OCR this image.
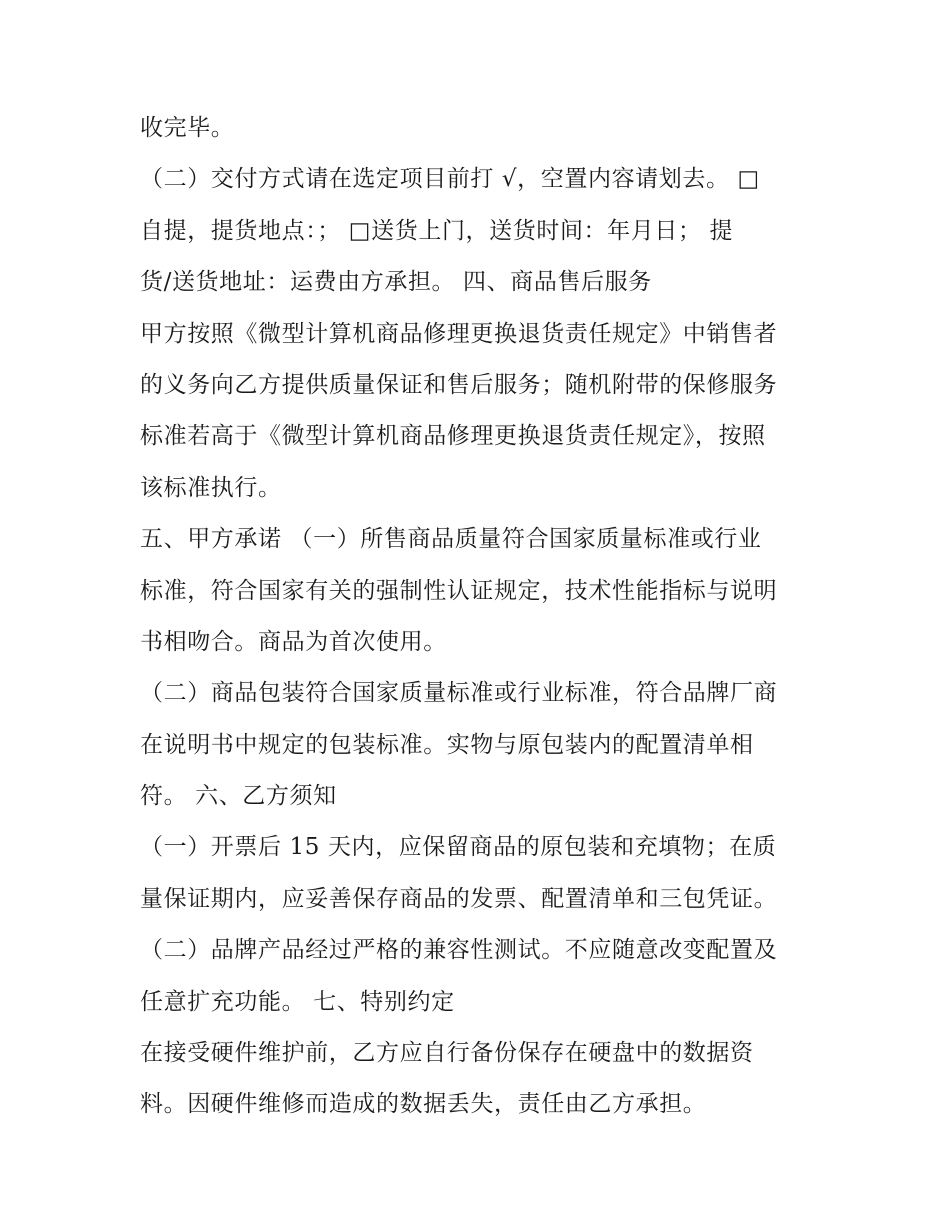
收完毕。
（二）交付方式请在选定项目前打 √，空置内容请划去。 □
自提，提货地点：； □送货上门，送货时间：年月日； 提
货/送货地址：运费由方承担。 四、商品售后服务
甲方按照《微型计算机商品修理更换退货责任规定》中销售者
的义务向乙方提供质量保证和售后服务；随机附带的保修服务
标准若高于《微型计算机商品修理更换退货责任规定》，按照
该标准执行。
五、甲方承诺 （一）所售商品质量符合国家质量标准或行业
标准，符合国家有关的强制性认证规定，技术性能指标与说明
书相吻合。商品为首次使用。
（二）商品包装符合国家质量标准或行业标准，符合品牌厂商
在说明书中规定的包装标准。实物与原包装内的配置清单相
符。 六、乙方须知
（一）开票后 15 天内，应保留商品的原包装和充填物；在质
量保证期内，应妥善保存商品的发票、配置清单和三包凭证。
（二）品牌产品经过严格的兼容性测试。不应随意改变配置及
任意扩充功能。 七、特别约定
在接受硬件维护前，乙方应自行备份保存在硬盘中的数据资
料。因硬件维修而造成的数据丢失，责任由乙方承担。
